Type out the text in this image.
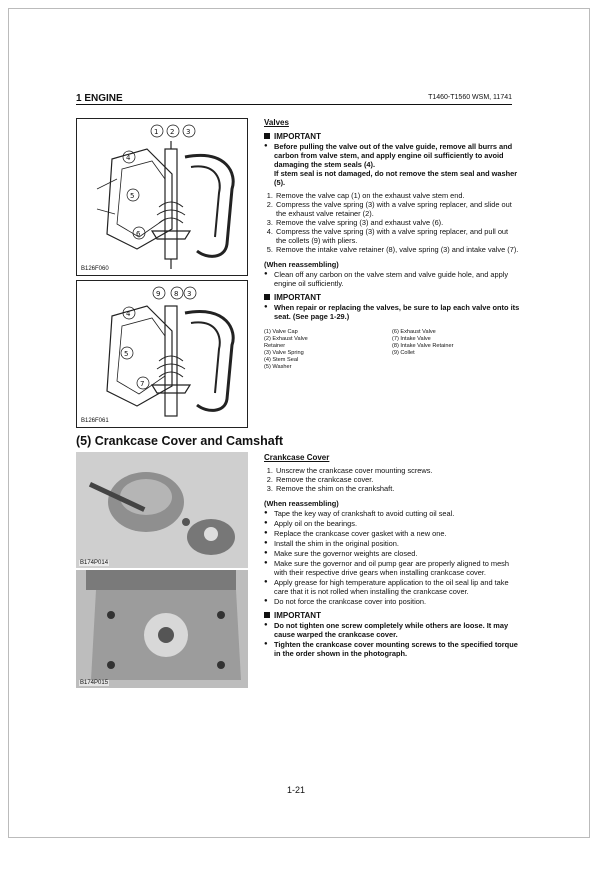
1 ENGINE	T1460-T1560 WSM, 11741
1 2 3
4
5
6
B126F060
9 8 3
4
5
7
B126F061
(5) Crankcase Cover and Camshaft
B174P014
B174P015
Valves
IMPORTANT
● Before pulling the valve out of the valve guide, remove all burrs and carbon from valve stem, and apply engine oil sufficiently to avoid damaging the stem seals (4).
If stem seal is not damaged, do not remove the stem seal and washer (5).
1. Remove the valve cap (1) on the exhaust valve stem end.
2. Compress the valve spring (3) with a valve spring replacer, and slide out the exhaust valve retainer (2).
3. Remove the valve spring (3) and exhaust valve (6).
4. Compress the valve spring (3) with a valve spring replacer, and pull out the collets (9) with pliers.
5. Remove the intake valve retainer (8), valve spring (3) and intake valve (7).
(When reassembling)
● Clean off any carbon on the valve stem and valve guide hole, and apply engine oil sufficiently.
IMPORTANT
● When repair or replacing the valves, be sure to lap each valve onto its seat. (See page 1-29.)
(1) Valve Cap
(2) Exhaust Valve Retainer
(3) Valve Spring
(4) Stem Seal
(5) Washer
(6) Exhaust Valve
(7) Intake Valve
(8) Intake Valve Retainer
(9) Collet
Crankcase Cover
1. Unscrew the crankcase cover mounting screws.
2. Remove the crankcase cover.
3. Remove the shim on the crankshaft.
(When reassembling)
● Tape the key way of crankshaft to avoid cutting oil seal.
● Apply oil on the bearings.
● Replace the crankcase cover gasket with a new one.
● Install the shim in the original position.
● Make sure the governor weights are closed.
● Make sure the governor and oil pump gear are properly aligned to mesh with their respective drive gears when installing crankcase cover.
● Apply grease for high temperature application to the oil seal lip and take care that it is not rolled when installing the crankcase cover.
● Do not force the crankcase cover into position.
IMPORTANT
● Do not tighten one screw completely while others are loose. It may cause warped the crankcase cover.
● Tighten the crankcase cover mounting screws to the specified torque in the order shown in the photograph.
1-21
